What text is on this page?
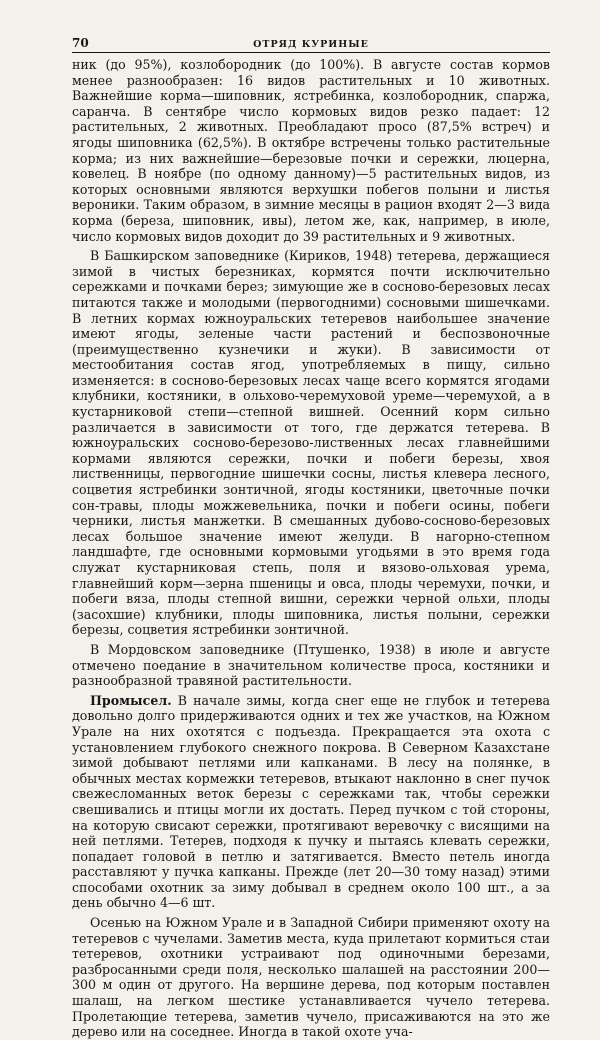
70	ОТРЯД КУРИНЫЕ

ник (до 95%), козлобородник (до 100%). В августе состав кормов менее разнообразен: 16 видов растительных и 10 животных. Важнейшие корма—шиповник, ястребинка, козлобородник, спаржа, саранча. В сентябре число кормовых видов резко падает: 12 растительных, 2 животных. Преобладают просо (87,5% встреч) и ягоды шиповника (62,5%). В октябре встречены только растительные корма; из них важнейшие—березовые почки и сережки, люцерна, ковелец. В ноябре (по одному данному)—5 растительных видов, из которых основными являются верхушки побегов полыни и листья вероники. Таким образом, в зимние месяцы в рацион входят 2—3 вида корма (береза, шиповник, ивы), летом же, как, например, в июле, число кормовых видов доходит до 39 растительных и 9 животных.

В Башкирском заповеднике (Кириков, 1948) тетерева, держащиеся зимой в чистых березниках, кормятся почти исключительно сережками и почками берез; зимующие же в сосново-березовых лесах питаются также и молодыми (первогодними) сосновыми шишечками. В летних кормах южноуральских тетеревов наибольшее значение имеют ягоды, зеленые части растений и беспозвоночные (преимущественно кузнечики и жуки). В зависимости от местообитания состав ягод, употребляемых в пищу, сильно изменяется: в сосново-березовых лесах чаще всего кормятся ягодами клубники, костяники, в ольхово-черемуховой уреме—черемухой, а в кустарниковой степи—степной вишней. Осенний корм сильно различается в зависимости от того, где держатся тетерева. В южноуральских сосново-березово-лиственных лесах главнейшими кормами являются сережки, почки и побеги березы, хвоя лиственницы, первогодние шишечки сосны, листья клевера лесного, соцветия ястребинки зонтичной, ягоды костяники, цветочные почки сон-травы, плоды можжевельника, почки и побеги осины, побеги черники, листья манжетки. В смешанных дубово-сосново-березовых лесах большое значение имеют желуди. В нагорно-степном ландшафте, где основными кормовыми угодьями в это время года служат кустарниковая степь, поля и вязово-ольховая урема, главнейший корм—зерна пшеницы и овса, плоды черемухи, почки, и побеги вяза, плоды степной вишни, сережки черной ольхи, плоды (засохшие) клубники, плоды шиповника, листья полыни, сережки березы, соцветия ястребинки зонтичной.

В Мордовском заповеднике (Птушенко, 1938) в июле и августе отмечено поедание в значительном количестве проса, костяники и разнообразной травяной растительности.

Промысел. В начале зимы, когда снег еще не глубок и тетерева довольно долго придерживаются одних и тех же участков, на Южном Урале на них охотятся с подъезда. Прекращается эта охота с установлением глубокого снежного покрова. В Северном Казахстане зимой добывают петлями или капканами. В лесу на полянке, в обычных местах кормежки тетеревов, втыкают наклонно в снег пучок свежесломанных веток березы с сережками так, чтобы сережки свешивались и птицы могли их достать. Перед пучком с той стороны, на которую свисают сережки, протягивают веревочку с висящими на ней петлями. Тетерев, подходя к пучку и пытаясь клевать сережки, попадает головой в петлю и затягивается. Вместо петель иногда расставляют у пучка капканы. Прежде (лет 20—30 тому назад) этими способами охотник за зиму добывал в среднем около 100 шт., а за день обычно 4—6 шт.

Осенью на Южном Урале и в Западной Сибири применяют охоту на тетеревов с чучелами. Заметив места, куда прилетают кормиться стаи тетеревов, охотники устраивают под одиночными березами, разбросанными среди поля, несколько шалашей на расстоянии 200—300 м один от другого. На вершине дерева, под которым поставлен шалаш, на легком шестике устанавливается чучело тетерева. Пролетающие тетерева, заметив чучело, присаживаются на это же дерево или на соседнее. Иногда в такой охоте уча-
